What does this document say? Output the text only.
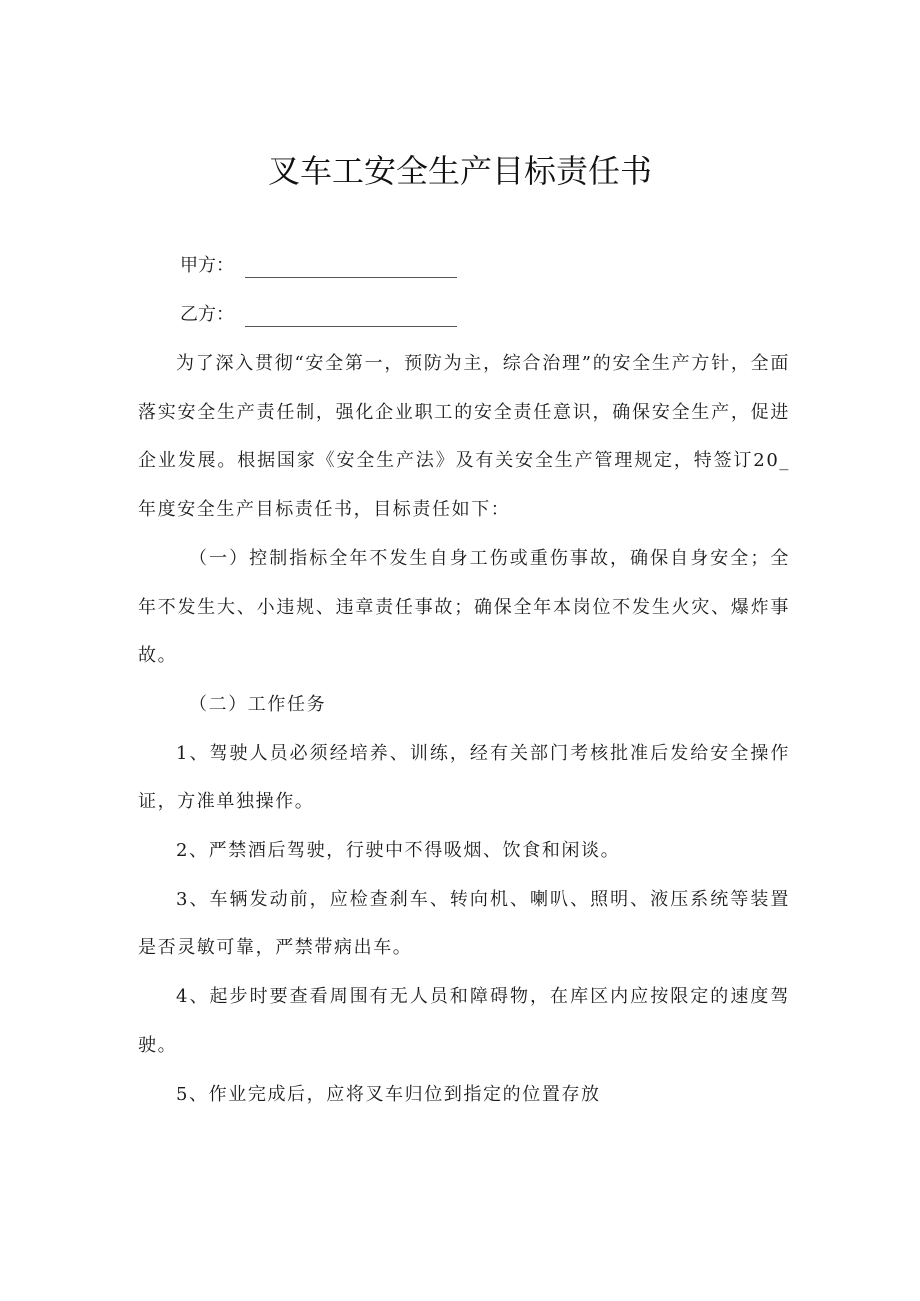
叉车工安全生产目标责任书
甲方：
乙方：

为了深入贯彻“安全第一，预防为主，综合治理”的安全生产方针，全面落实安全生产责任制，强化企业职工的安全责任意识，确保安全生产，促进企业发展。根据国家《安全生产法》及有关安全生产管理规定，特签订20_年度安全生产目标责任书，目标责任如下：

（一）控制指标全年不发生自身工伤或重伤事故，确保自身安全；全年不发生大、小违规、违章责任事故；确保全年本岗位不发生火灾、爆炸事故。

（二）工作任务

1、驾驶人员必须经培养、训练，经有关部门考核批准后发给安全操作证，方准单独操作。

2、严禁酒后驾驶，行驶中不得吸烟、饮食和闲谈。

3、车辆发动前，应检查刹车、转向机、喇叭、照明、液压系统等装置是否灵敏可靠，严禁带病出车。

4、起步时要查看周围有无人员和障碍物，在库区内应按限定的速度驾驶。

5、作业完成后，应将叉车归位到指定的位置存放
